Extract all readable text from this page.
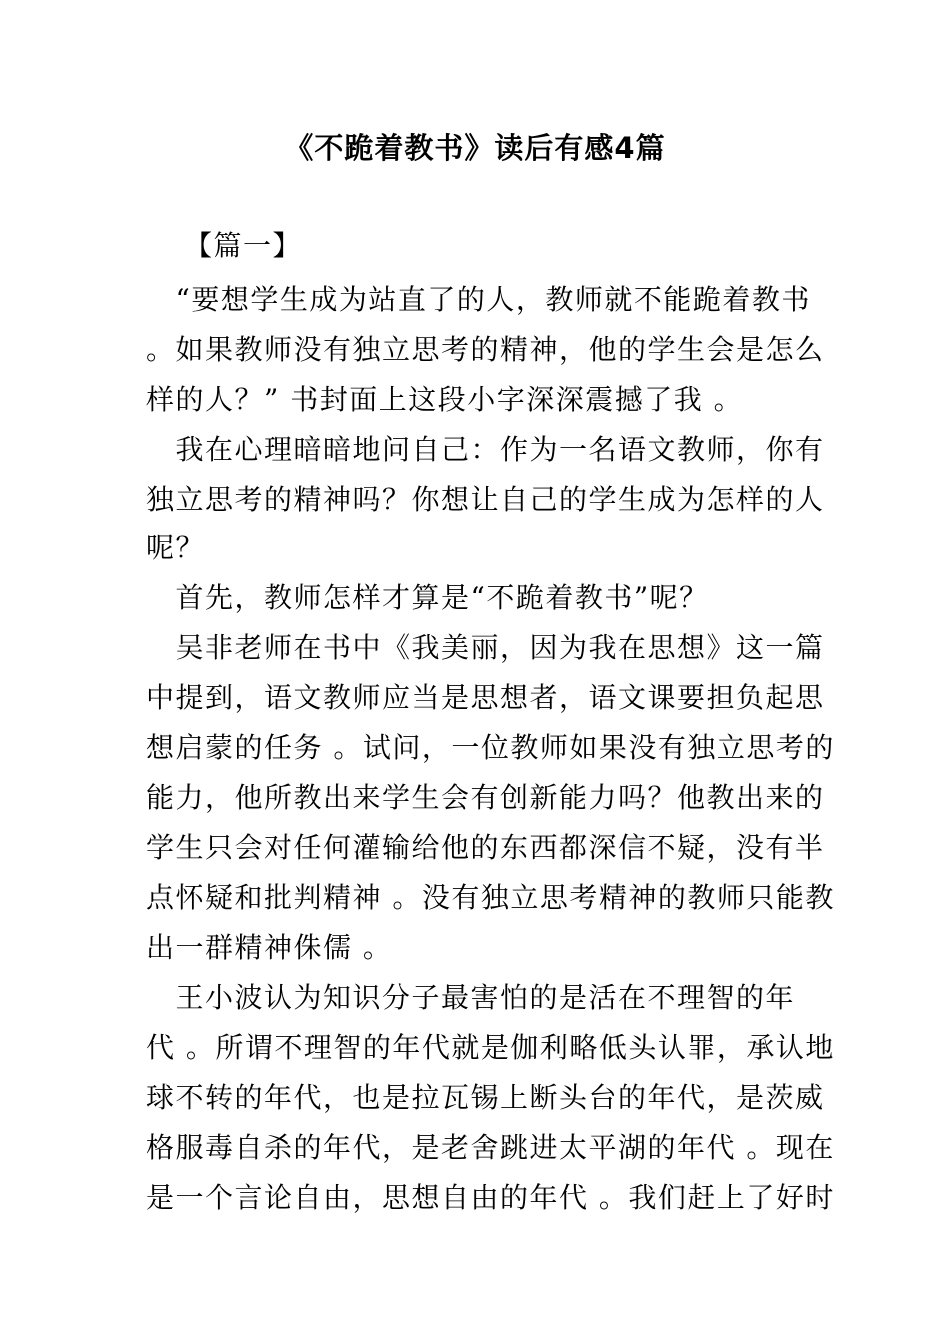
《不跪着教书》读后有感4篇
【篇一】
　“要想学生成为站直了的人，教师就不能跪着教书
。如果教师没有独立思考的精神，他的学生会是怎么
样的人？” 书封面上这段小字深深震撼了我 。
　我在心理暗暗地问自己：作为一名语文教师，你有
独立思考的精神吗？你想让自己的学生成为怎样的人
呢？
　首先，教师怎样才算是“不跪着教书”呢？
　吴非老师在书中《我美丽，因为我在思想》这一篇
中提到，语文教师应当是思想者，语文课要担负起思
想启蒙的任务 。试问，一位教师如果没有独立思考的
能力，他所教出来学生会有创新能力吗？他教出来的
学生只会对任何灌输给他的东西都深信不疑，没有半
点怀疑和批判精神 。没有独立思考精神的教师只能教
出一群精神侏儒 。
　王小波认为知识分子最害怕的是活在不理智的年
代 。所谓不理智的年代就是伽利略低头认罪，承认地
球不转的年代，也是拉瓦锡上断头台的年代，是茨威
格服毒自杀的年代，是老舍跳进太平湖的年代 。现在
是一个言论自由，思想自由的年代 。我们赶上了好时
